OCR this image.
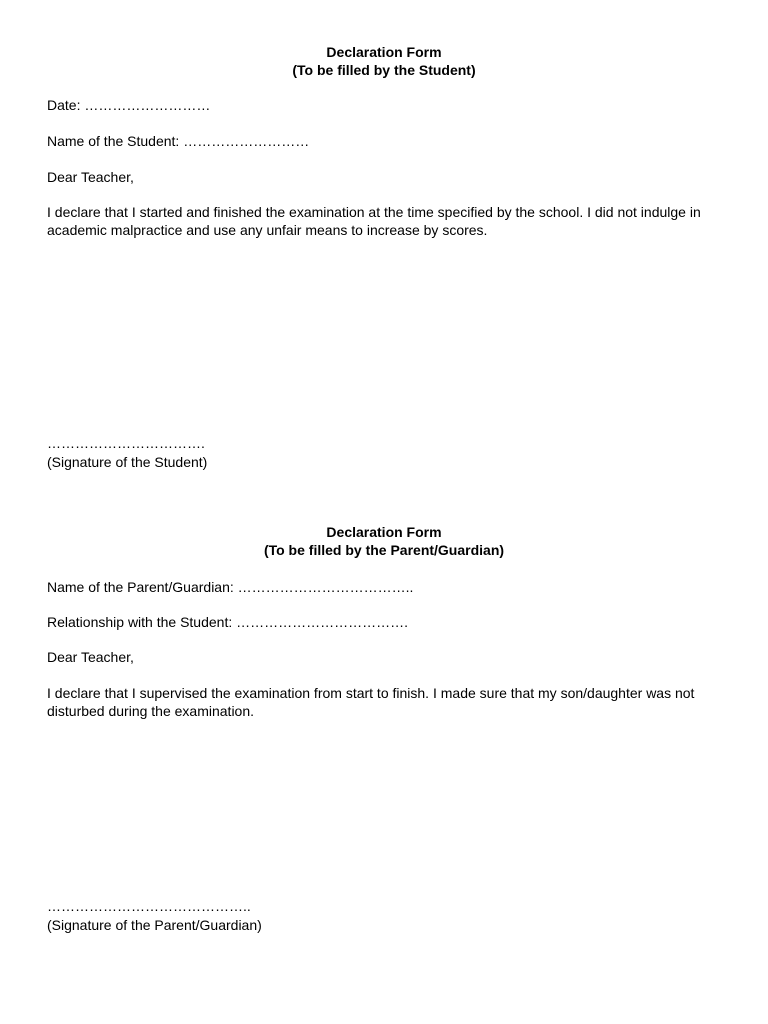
Declaration Form
(To be filled by the Student)
Date: ………………………
Name of the Student: ………………………
Dear Teacher,
I declare that I started and finished the examination at the time specified by the school. I did not indulge in academic malpractice and use any unfair means to increase by scores.
…………………………….
(Signature of the Student)
Declaration Form
(To be filled by the Parent/Guardian)
Name of the Parent/Guardian: ………………………………..
Relationship with the Student: ……………………………….
Dear Teacher,
I declare that I supervised the examination from start to finish. I made sure that my son/daughter was not disturbed during the examination.
……………………………………..
(Signature of the Parent/Guardian)
